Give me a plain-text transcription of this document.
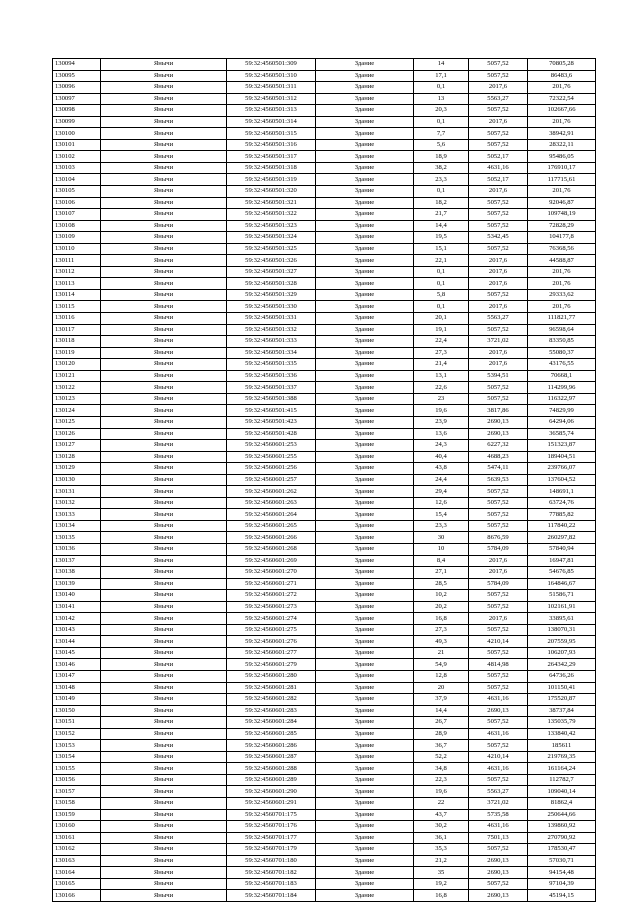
130094	Янычи	59:32:4560501:309	Здание	14	5057,52	70805,28
130095	Янычи	59:32:4560501:310	Здание	17,1	5057,52	86483,6
130096	Янычи	59:32:4560501:311	Здание	0,1	2017,6	201,76
130097	Янычи	59:32:4560501:312	Здание	13	5563,27	72322,54
130098	Янычи	59:32:4560501:313	Здание	20,3	5057,52	102667,66
130099	Янычи	59:32:4560501:314	Здание	0,1	2017,6	201,76
130100	Янычи	59:32:4560501:315	Здание	7,7	5057,52	38942,91
130101	Янычи	59:32:4560501:316	Здание	5,6	5057,52	28322,11
130102	Янычи	59:32:4560501:317	Здание	18,9	5052,17	95486,05
130103	Янычи	59:32:4560501:318	Здание	38,2	4631,16	176910,17
130104	Янычи	59:32:4560501:319	Здание	23,3	5052,17	117715,61
130105	Янычи	59:32:4560501:320	Здание	0,1	2017,6	201,76
130106	Янычи	59:32:4560501:321	Здание	18,2	5057,52	92046,87
130107	Янычи	59:32:4560501:322	Здание	21,7	5057,52	109748,19
130108	Янычи	59:32:4560501:323	Здание	14,4	5057,52	72828,29
130109	Янычи	59:32:4560501:324	Здание	19,5	5342,45	104177,8
130110	Янычи	59:32:4560501:325	Здание	15,1	5057,52	76368,56
130111	Янычи	59:32:4560501:326	Здание	22,1	2017,6	44588,87
130112	Янычи	59:32:4560501:327	Здание	0,1	2017,6	201,76
130113	Янычи	59:32:4560501:328	Здание	0,1	2017,6	201,76
130114	Янычи	59:32:4560501:329	Здание	5,8	5057,52	29333,62
130115	Янычи	59:32:4560501:330	Здание	0,1	2017,6	201,76
130116	Янычи	59:32:4560501:331	Здание	20,1	5563,27	111821,77
130117	Янычи	59:32:4560501:332	Здание	19,1	5057,52	96598,64
130118	Янычи	59:32:4560501:333	Здание	22,4	3721,02	83350,85
130119	Янычи	59:32:4560501:334	Здание	27,3	2017,6	55080,37
130120	Янычи	59:32:4560501:335	Здание	21,4	2017,6	43176,55
130121	Янычи	59:32:4560501:336	Здание	13,1	5394,51	70668,1
130122	Янычи	59:32:4560501:337	Здание	22,6	5057,52	114299,96
130123	Янычи	59:32:4560501:388	Здание	23	5057,52	116322,97
130124	Янычи	59:32:4560501:415	Здание	19,6	3817,86	74829,99
130125	Янычи	59:32:4560501:423	Здание	23,9	2690,13	64294,06
130126	Янычи	59:32:4560501:428	Здание	13,6	2690,13	36585,74
130127	Янычи	59:32:4560601:253	Здание	24,3	6227,32	151323,87
130128	Янычи	59:32:4560601:255	Здание	40,4	4688,23	189404,51
130129	Янычи	59:32:4560601:256	Здание	43,8	5474,11	239766,07
130130	Янычи	59:32:4560601:257	Здание	24,4	5639,53	137604,52
130131	Янычи	59:32:4560601:262	Здание	29,4	5057,52	148691,1
130132	Янычи	59:32:4560601:263	Здание	12,6	5057,52	63724,76
130133	Янычи	59:32:4560601:264	Здание	15,4	5057,52	77885,82
130134	Янычи	59:32:4560601:265	Здание	23,3	5057,52	117840,22
130135	Янычи	59:32:4560601:266	Здание	30	8676,59	260297,82
130136	Янычи	59:32:4560601:268	Здание	10	5784,09	57840,94
130137	Янычи	59:32:4560601:269	Здание	8,4	2017,6	16947,81
130138	Янычи	59:32:4560601:270	Здание	27,1	2017,6	54676,85
130139	Янычи	59:32:4560601:271	Здание	28,5	5784,09	164846,67
130140	Янычи	59:32:4560601:272	Здание	10,2	5057,52	51586,71
130141	Янычи	59:32:4560601:273	Здание	20,2	5057,52	102161,91
130142	Янычи	59:32:4560601:274	Здание	16,8	2017,6	33895,61
130143	Янычи	59:32:4560601:275	Здание	27,3	5057,52	138070,31
130144	Янычи	59:32:4560601:276	Здание	49,3	4210,14	207559,95
130145	Янычи	59:32:4560601:277	Здание	21	5057,52	106207,93
130146	Янычи	59:32:4560601:279	Здание	54,9	4814,98	264342,29
130147	Янычи	59:32:4560601:280	Здание	12,8	5057,52	64736,26
130148	Янычи	59:32:4560601:281	Здание	20	5057,52	101150,41
130149	Янычи	59:32:4560601:282	Здание	37,9	4631,16	175520,87
130150	Янычи	59:32:4560601:283	Здание	14,4	2690,13	38737,84
130151	Янычи	59:32:4560601:284	Здание	26,7	5057,52	135035,79
130152	Янычи	59:32:4560601:285	Здание	28,9	4631,16	133840,42
130153	Янычи	59:32:4560601:286	Здание	36,7	5057,52	185611
130154	Янычи	59:32:4560601:287	Здание	52,2	4210,14	219769,35
130155	Янычи	59:32:4560601:288	Здание	34,8	4631,16	161164,24
130156	Янычи	59:32:4560601:289	Здание	22,3	5057,52	112782,7
130157	Янычи	59:32:4560601:290	Здание	19,6	5563,27	109040,14
130158	Янычи	59:32:4560601:291	Здание	22	3721,02	81862,4
130159	Янычи	59:32:4560701:175	Здание	43,7	5735,58	250644,66
130160	Янычи	59:32:4560701:176	Здание	30,2	4631,16	139860,92
130161	Янычи	59:32:4560701:177	Здание	36,1	7501,13	270790,92
130162	Янычи	59:32:4560701:179	Здание	35,3	5057,52	178530,47
130163	Янычи	59:32:4560701:180	Здание	21,2	2690,13	57030,71
130164	Янычи	59:32:4560701:182	Здание	35	2690,13	94154,48
130165	Янычи	59:32:4560701:183	Здание	19,2	5057,52	97104,39
130166	Янычи	59:32:4560701:184	Здание	16,8	2690,13	45194,15
